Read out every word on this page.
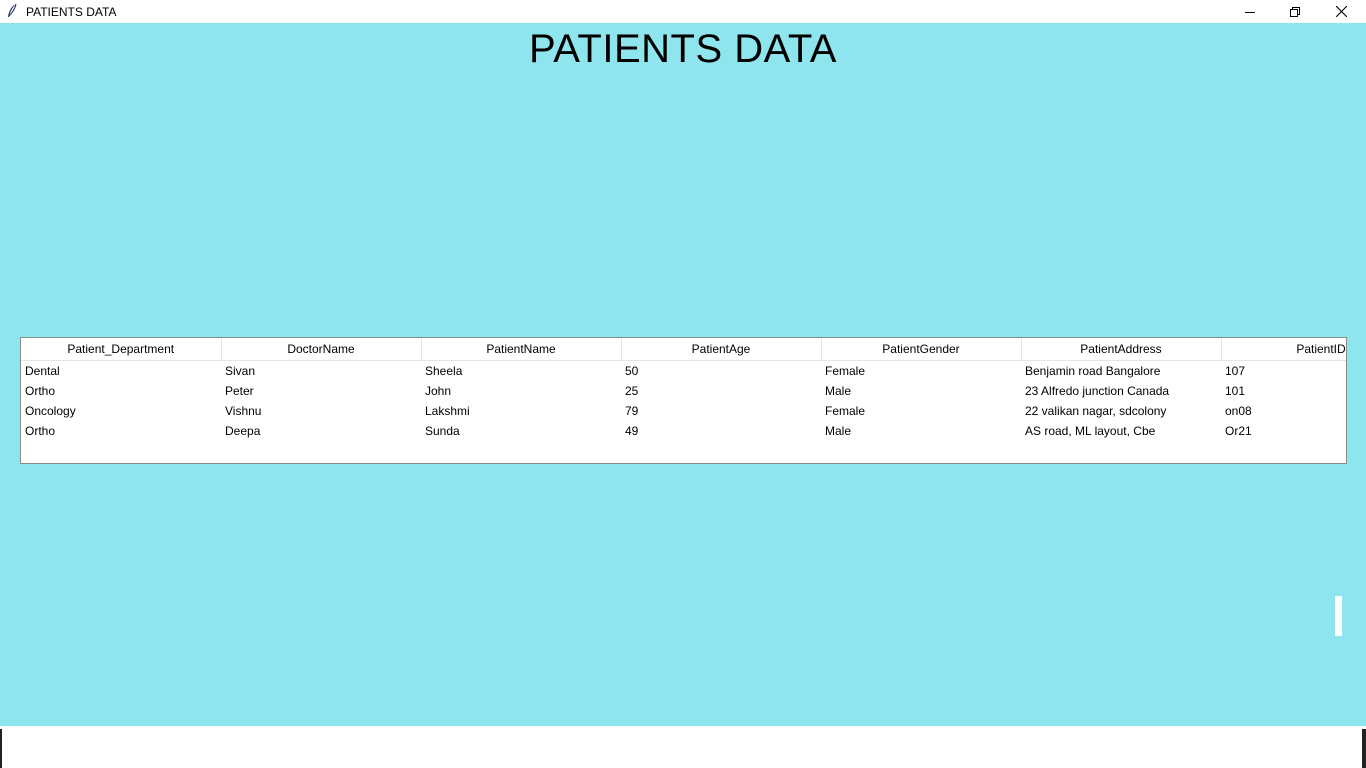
PATIENTS DATA
PATIENTS DATA
Patient_Department	DoctorName	PatientName	PatientAge	PatientGender	PatientAddress	PatientID
Dental	Sivan	Sheela	50	Female	Benjamin road Bangalore	107
Ortho	Peter	John	25	Male	23 Alfredo junction Canada	101
Oncology	Vishnu	Lakshmi	79	Female	22 valikan nagar, sdcolony	on08
Ortho	Deepa	Sunda	49	Male	AS road, ML layout, Cbe	Or21
